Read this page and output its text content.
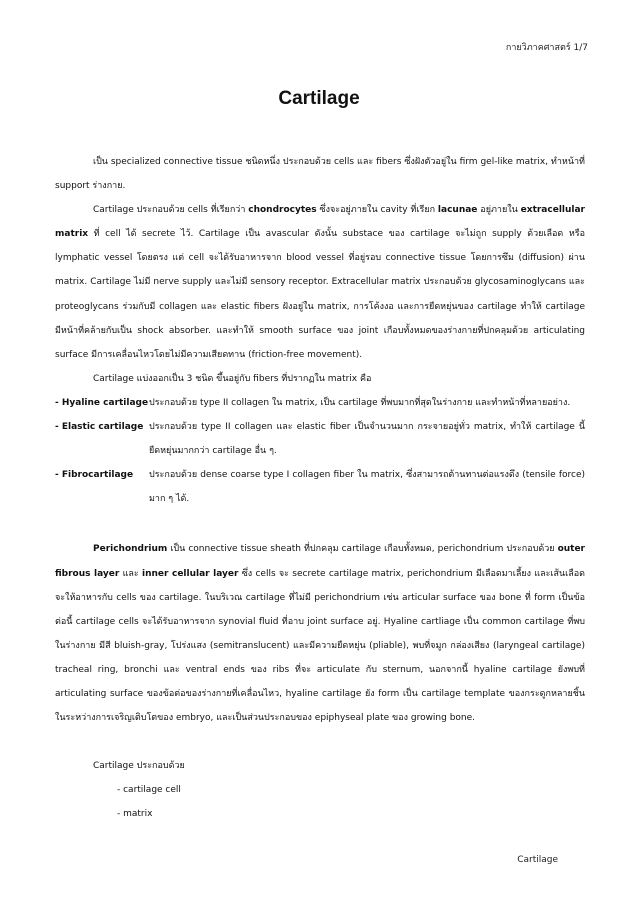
กายวิภาคศาสตร์ 1/7
Cartilage

เป็น specialized connective tissue ชนิดหนึ่ง ประกอบด้วย cells และ fibers ซึ่งฝังตัวอยู่ใน firm gel-like matrix, ทำหน้าที่ support ร่างกาย.

Cartilage ประกอบด้วย cells ที่เรียกว่า chondrocytes ซึ่งจะอยู่ภายใน cavity ที่เรียก lacunae อยู่ภายใน extracellular matrix ที่ cell ได้ secrete ไว้. Cartilage เป็น avascular ดังนั้น substace ของ cartilage จะไม่ถูก supply ด้วยเลือด หรือ lymphatic vessel โดยตรง แต่ cell จะได้รับอาหารจาก blood vessel ที่อยู่รอบ connective tissue โดยการซึม (diffusion) ผ่าน matrix. Cartilage ไม่มี nerve supply และไม่มี sensory receptor. Extracellular matrix ประกอบด้วย glycosaminoglycans และ proteoglycans ร่วมกับมี collagen และ elastic fibers ฝังอยู่ใน matrix, การโค้งงอ และการยืดหยุ่นของ cartilage ทำให้ cartilage มีหน้าที่คล้ายกับเป็น shock absorber. และทำให้ smooth surface ของ joint เกือบทั้งหมดของร่างกายที่ปกคลุมด้วย articulating surface มีการเคลื่อนไหวโดยไม่มีความเสียดทาน (friction-free movement).

Cartilage แบ่งออกเป็น 3 ชนิด ขึ้นอยู่กับ fibers ที่ปรากฏใน matrix คือ

- Hyaline cartilage ประกอบด้วย type II collagen ใน matrix, เป็น cartilage ที่พบมากที่สุดในร่างกาย และทำหน้าที่หลายอย่าง.
- Elastic cartilage ประกอบด้วย type II collagen และ elastic fiber เป็นจำนวนมาก กระจายอยู่ทั่ว matrix, ทำให้ cartilage นี้ยืดหยุ่นมากกว่า cartilage อื่น ๆ.
- Fibrocartilage	ประกอบด้วย dense coarse type I collagen fiber ใน matrix, ซึ่งสามารถต้านทานต่อแรงดึง (tensile force) มาก ๆ ได้.

Perichondrium เป็น connective tissue sheath ที่ปกคลุม cartilage เกือบทั้งหมด, perichondrium ประกอบด้วย outer fibrous layer และ inner cellular layer ซึ่ง cells จะ secrete cartilage matrix, perichondrium มีเลือดมาเลี้ยง และเส้นเลือดจะให้อาหารกับ cells ของ cartilage. ในบริเวณ cartilage ที่ไม่มี perichondrium เช่น articular surface ของ bone ที่ form เป็นข้อต่อนี้ cartilage cells จะได้รับอาหารจาก synovial fluid ที่อาบ joint surface อยู่. Hyaline cartliage เป็น common cartilage ที่พบในร่างกาย มีสี bluish-gray, โปร่งแสง (semitranslucent) และมีความยืดหยุ่น (pliable), พบที่จมูก กล่องเสียง (laryngeal cartilage) tracheal ring, bronchi และ ventral ends ของ ribs ที่จะ articulate กับ sternum, นอกจากนี้ hyaline cartilage ยังพบที่ articulating surface ของข้อต่อของร่างกายที่เคลื่อนไหว, hyaline cartilage ยัง form เป็น cartilage template ของกระดูกหลายชิ้นในระหว่างการเจริญเติบโตของ embryo, และเป็นส่วนประกอบของ epiphyseal plate ของ growing bone.

Cartilage ประกอบด้วย
- cartilage cell
- matrix
Cartilage
